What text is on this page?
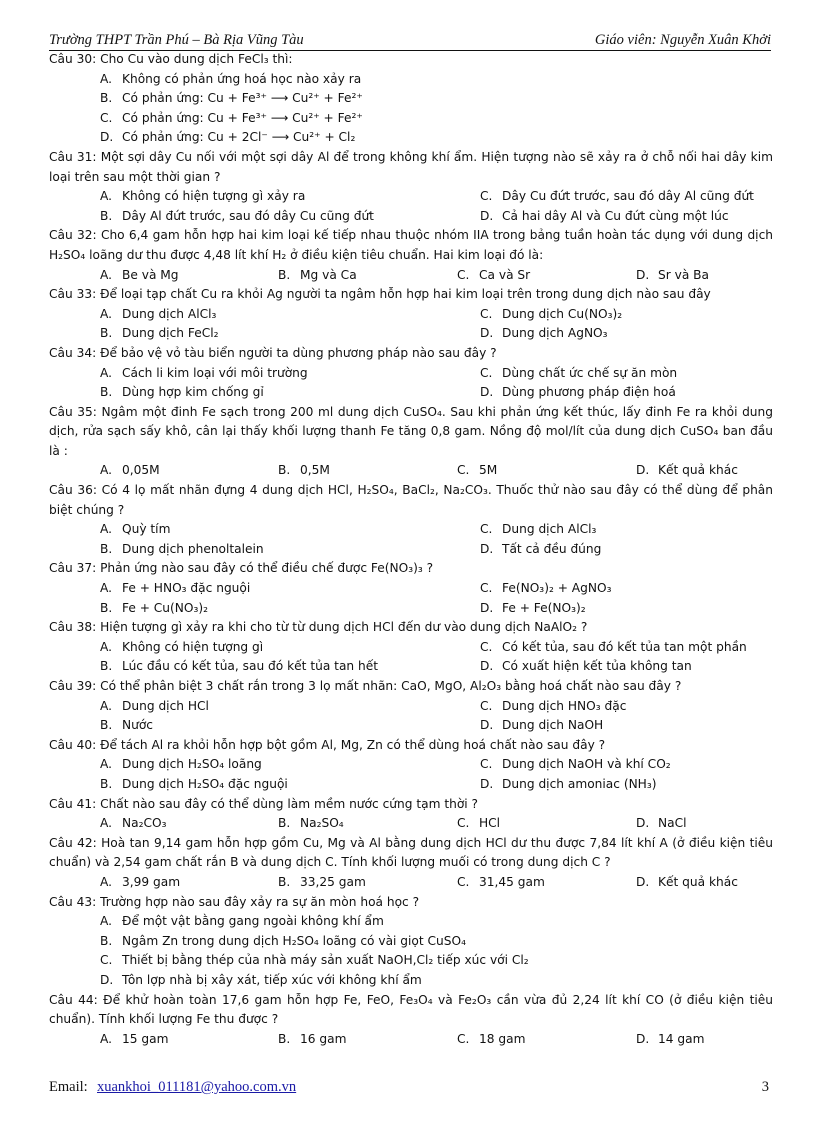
Trường THPT Trần Phú – Bà Rịa Vũng Tàu	Giáo viên: Nguyễn Xuân Khởi
Câu 30: Cho Cu vào dung dịch FeCl₃ thì:
A. Không có phản ứng hoá học nào xảy ra
B. Có phản ứng: Cu + Fe³⁺ ⟶ Cu²⁺ + Fe²⁺
C. Có phản ứng: Cu + Fe³⁺ ⟶ Cu²⁺ + Fe²⁺
D. Có phản ứng: Cu + 2Cl⁻ ⟶ Cu²⁺ + Cl₂
Câu 31: Một sợi dây Cu nối với một sợi dây Al để trong không khí ẩm. Hiện tượng nào sẽ xảy ra ở chỗ nối hai dây kim loại trên sau một thời gian ?
A. Không có hiện tượng gì xảy ra	C. Dây Cu đứt trước, sau đó dây Al cũng đứt
B. Dây Al đứt trước, sau đó dây Cu cũng đứt	D. Cả hai dây Al và Cu đứt cùng một lúc
Câu 32: Cho 6,4 gam hỗn hợp hai kim loại kế tiếp nhau thuộc nhóm IIA trong bảng tuần hoàn tác dụng với dung dịch H₂SO₄ loãng dư thu được 4,48 lít khí H₂ ở điều kiện tiêu chuẩn. Hai kim loại đó là:
A. Be và Mg	B. Mg và Ca	C. Ca và Sr	D. Sr và Ba
Câu 33: Để loại tạp chất Cu ra khỏi Ag người ta ngâm hỗn hợp hai kim loại trên trong dung dịch nào sau đây
A. Dung dịch AlCl₃	C. Dung dịch Cu(NO₃)₂
B. Dung dịch FeCl₂	D. Dung dịch AgNO₃
Câu 34: Để bảo vệ vỏ tàu biển người ta dùng phương pháp nào sau đây ?
A. Cách li kim loại với môi trường	C. Dùng chất ức chế sự ăn mòn
B. Dùng hợp kim chống gỉ	D. Dùng phương pháp điện hoá
Câu 35: Ngâm một đinh Fe sạch trong 200 ml dung dịch CuSO₄. Sau khi phản ứng kết thúc, lấy đinh Fe ra khỏi dung dịch, rửa sạch sấy khô, cân lại thấy khối lượng thanh Fe tăng 0,8 gam. Nồng độ mol/lít của dung dịch CuSO₄ ban đầu là :
A. 0,05M	B. 0,5M	C. 5M	D. Kết quả khác
Câu 36: Có 4 lọ mất nhãn đựng 4 dung dịch HCl, H₂SO₄, BaCl₂, Na₂CO₃. Thuốc thử nào sau đây có thể dùng để phân biệt chúng ?
A. Quỳ tím	C. Dung dịch AlCl₃
B. Dung dịch phenoltalein	D. Tất cả đều đúng
Câu 37: Phản ứng nào sau đây có thể điều chế được Fe(NO₃)₃ ?
A. Fe + HNO₃ đặc nguội	C. Fe(NO₃)₂ + AgNO₃
B. Fe + Cu(NO₃)₂	D. Fe + Fe(NO₃)₂
Câu 38: Hiện tượng gì xảy ra khi cho từ từ dung dịch HCl đến dư vào dung dịch NaAlO₂ ?
A. Không có hiện tượng gì	C. Có kết tủa, sau đó kết tủa tan một phần
B. Lúc đầu có kết tủa, sau đó kết tủa tan hết	D. Có xuất hiện kết tủa không tan
Câu 39: Có thể phân biệt 3 chất rắn trong 3 lọ mất nhãn: CaO, MgO, Al₂O₃ bằng hoá chất nào sau đây ?
A. Dung dịch HCl	C. Dung dịch HNO₃ đặc
B. Nước	D. Dung dịch NaOH
Câu 40: Để tách Al ra khỏi hỗn hợp bột gồm Al, Mg, Zn có thể dùng hoá chất nào sau đây ?
A. Dung dịch H₂SO₄ loãng	C. Dung dịch NaOH và khí CO₂
B. Dung dịch H₂SO₄ đặc nguội	D. Dung dịch amoniac (NH₃)
Câu 41: Chất nào sau đây có thể dùng làm mềm nước cứng tạm thời ?
A. Na₂CO₃	B. Na₂SO₄	C. HCl	D. NaCl
Câu 42: Hoà tan 9,14 gam hỗn hợp gồm Cu, Mg và Al bằng dung dịch HCl dư thu được 7,84 lít khí A (ở điều kiện tiêu chuẩn) và 2,54 gam chất rắn B và dung dịch C. Tính khối lượng muối có trong dung dịch C ?
A. 3,99 gam	B. 33,25 gam	C. 31,45 gam	D. Kết quả khác
Câu 43: Trường hợp nào sau đây xảy ra sự ăn mòn hoá học ?
A. Để một vật bằng gang ngoài không khí ẩm
B. Ngâm Zn trong dung dịch H₂SO₄ loãng có vài giọt CuSO₄
C. Thiết bị bằng thép của nhà máy sản xuất NaOH,Cl₂ tiếp xúc với Cl₂
D. Tôn lợp nhà bị xây xát, tiếp xúc với không khí ẩm
Câu 44: Để khử hoàn toàn 17,6 gam hỗn hợp Fe, FeO, Fe₃O₄ và Fe₂O₃ cần vừa đủ 2,24 lít khí CO (ở điều kiện tiêu chuẩn). Tính khối lượng Fe thu được ?
A. 15 gam	B. 16 gam	C. 18 gam	D. 14 gam
Email: xuankhoi_011181@yahoo.com.vn	3
